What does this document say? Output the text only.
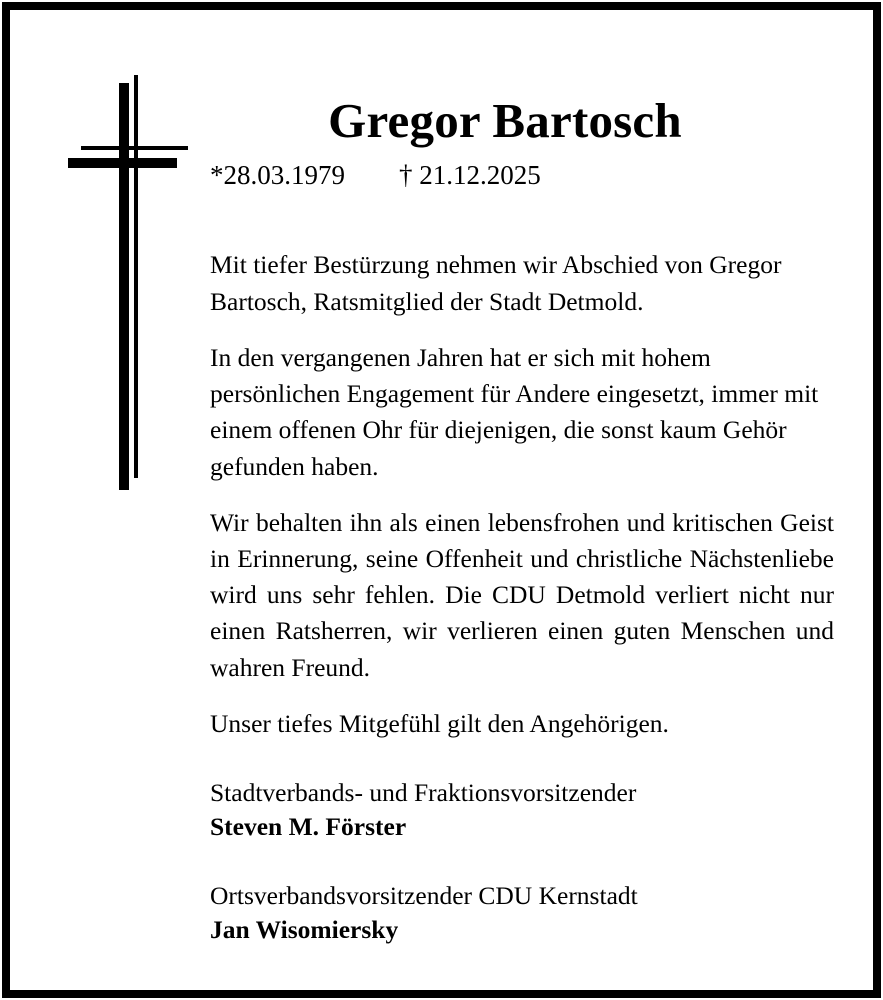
Gregor Bartosch

*28.03.1979        † 21.12.2025

Mit tiefer Bestürzung nehmen wir Abschied von Gregor Bartosch, Ratsmitglied der Stadt Detmold.

In den vergangenen Jahren hat er sich mit hohem persönlichen Engagement für Andere eingesetzt, immer mit einem offenen Ohr für diejenigen, die sonst kaum Gehör gefunden haben.

Wir behalten ihn als einen lebensfrohen und kritischen Geist in Erinnerung, seine Offenheit und christliche Nächstenliebe wird uns sehr fehlen. Die CDU Detmold verliert nicht nur einen Ratsherren, wir verlieren einen guten Menschen und wahren Freund.

Unser tiefes Mitgefühl gilt den Angehörigen.

Stadtverbands- und Fraktionsvorsitzender
Steven M. Förster
Ortsverbandsvorsitzender CDU Kernstadt
Jan Wisomiersky
